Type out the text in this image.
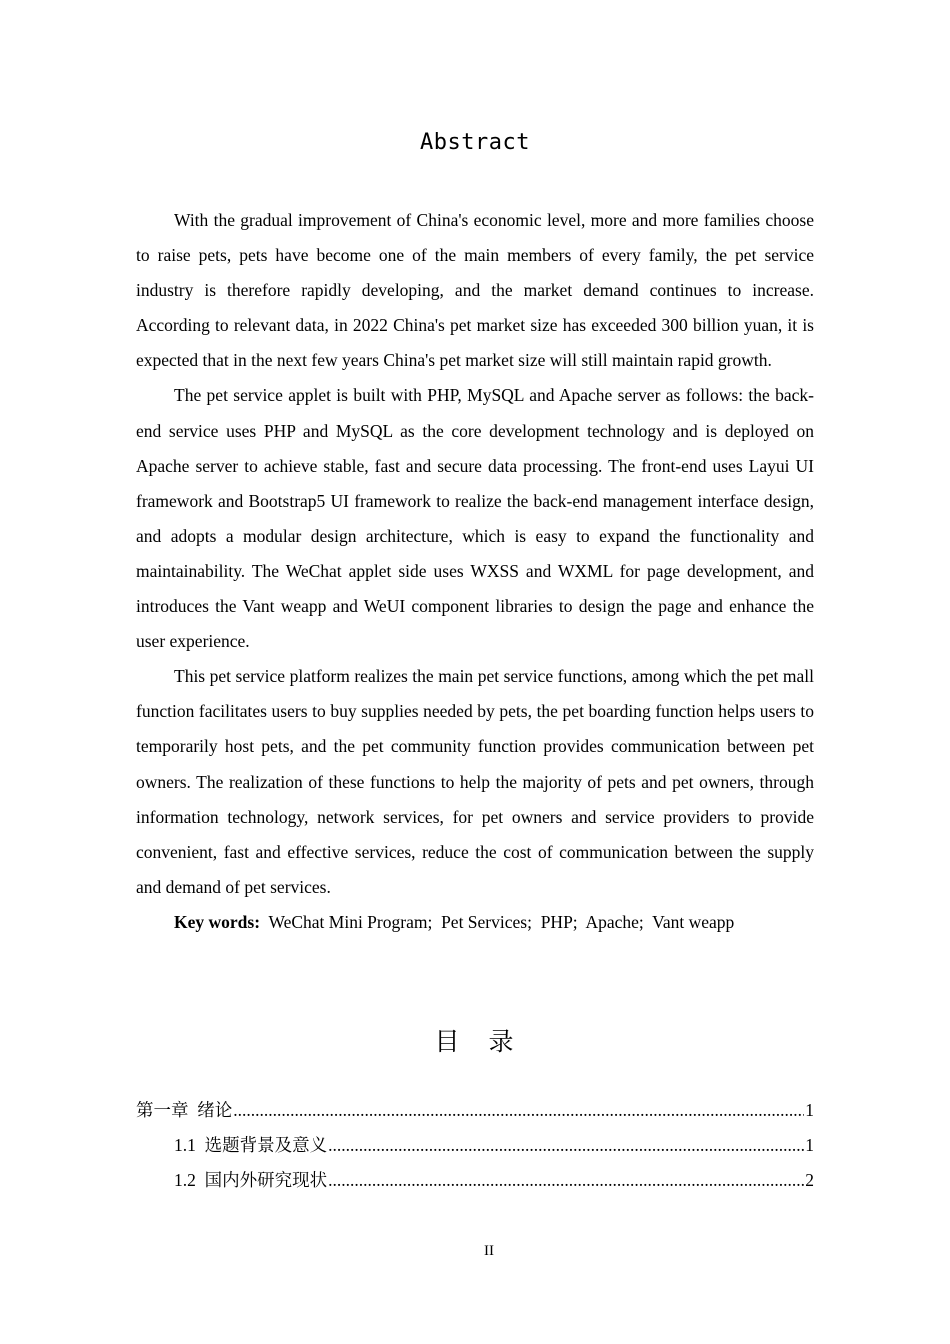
Abstract

With the gradual improvement of China's economic level, more and more families choose to raise pets, pets have become one of the main members of every family, the pet service industry is therefore rapidly developing, and the market demand continues to increase. According to relevant data, in 2022 China's pet market size has exceeded 300 billion yuan, it is expected that in the next few years China's pet market size will still maintain rapid growth.

The pet service applet is built with PHP, MySQL and Apache server as follows: the back-end service uses PHP and MySQL as the core development technology and is deployed on Apache server to achieve stable, fast and secure data processing. The front-end uses Layui UI framework and Bootstrap5 UI framework to realize the back-end management interface design, and adopts a modular design architecture, which is easy to expand the functionality and maintainability. The WeChat applet side uses WXSS and WXML for page development, and introduces the Vant weapp and WeUI component libraries to design the page and enhance the user experience.

This pet service platform realizes the main pet service functions, among which the pet mall function facilitates users to buy supplies needed by pets, the pet boarding function helps users to temporarily host pets, and the pet community function provides communication between pet owners. The realization of these functions to help the majority of pets and pet owners, through information technology, network services, for pet owners and service providers to provide convenient, fast and effective services, reduce the cost of communication between the supply and demand of pet services.

Key words:  WeChat Mini Program;  Pet Services;  PHP;  Apache;  Vant weapp

目　录
第一章  绪论 .....	1
1.1  选题背景及意义 .....	1
1.2  国内外研究现状 .....	2
II
